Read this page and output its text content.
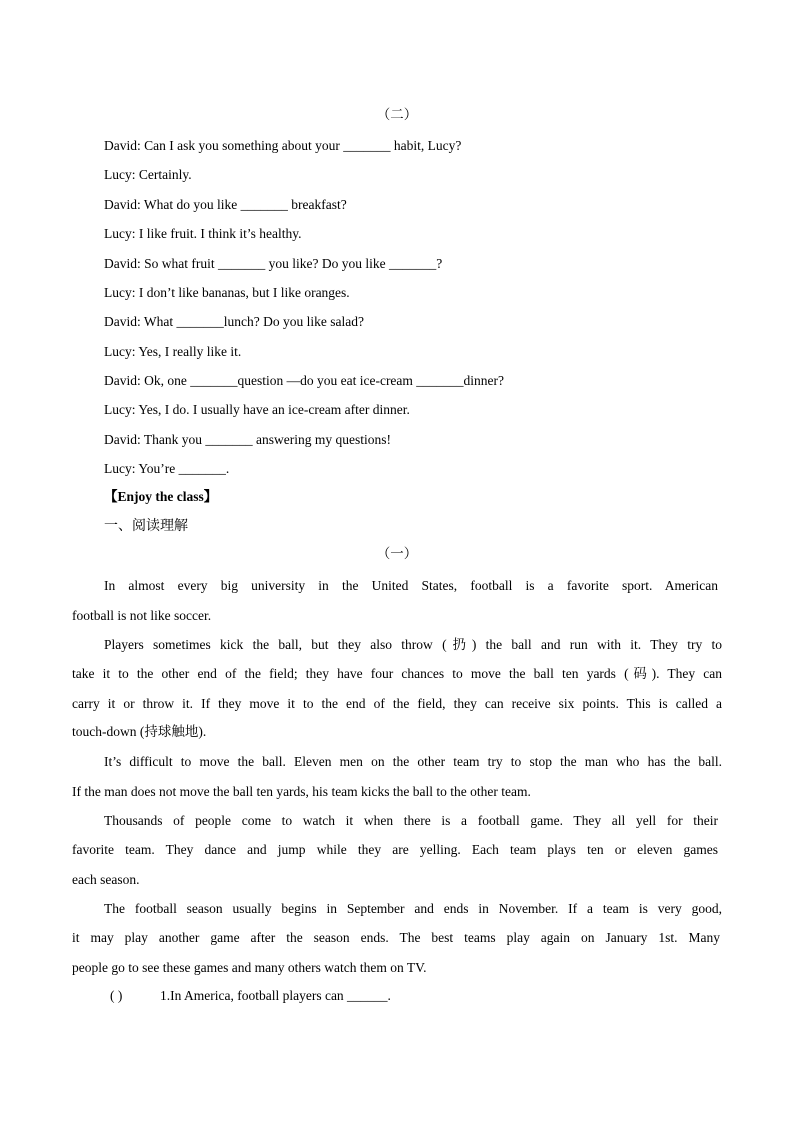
（二）
David: Can I ask you something about your _______ habit, Lucy?
Lucy: Certainly.
David: What do you like _______ breakfast?
Lucy: I like fruit. I think it’s healthy.
David: So what fruit _______ you like? Do you like _______?
Lucy: I don’t like bananas, but I like oranges.
David: What _______lunch? Do you like salad?
Lucy: Yes, I really like it.
David: Ok, one _______question —do you eat ice-cream _______dinner?
Lucy: Yes, I do. I usually have an ice-cream after dinner.
David: Thank you _______ answering my questions!
Lucy: You’re _______.
【Enjoy the class】
一、阅读理解
（一）
In almost every big university in the United States, football is a favorite sport. American
football is not like soccer.
Players sometimes kick the ball, but they also throw (扔) the ball and run with it. They try to
take it to the other end of the field; they have four chances to move the ball ten yards (码). They can
carry it or throw it. If they move it to the end of the field, they can receive six points. This is called a
touch-down (持球触地).
It’s difficult to move the ball. Eleven men on the other team try to stop the man who has the ball.
If the man does not move the ball ten yards, his team kicks the ball to the other team.
Thousands of people come to watch it when there is a football game. They all yell for their
favorite team. They dance and jump while they are yelling. Each team plays ten or eleven games
each season.
The football season usually begins in September and ends in November. If a team is very good,
it may play another game after the season ends. The best teams play again on January 1st. Many
people go to see these games and many others watch them on TV.
( )	1.In America, football players can ______.
